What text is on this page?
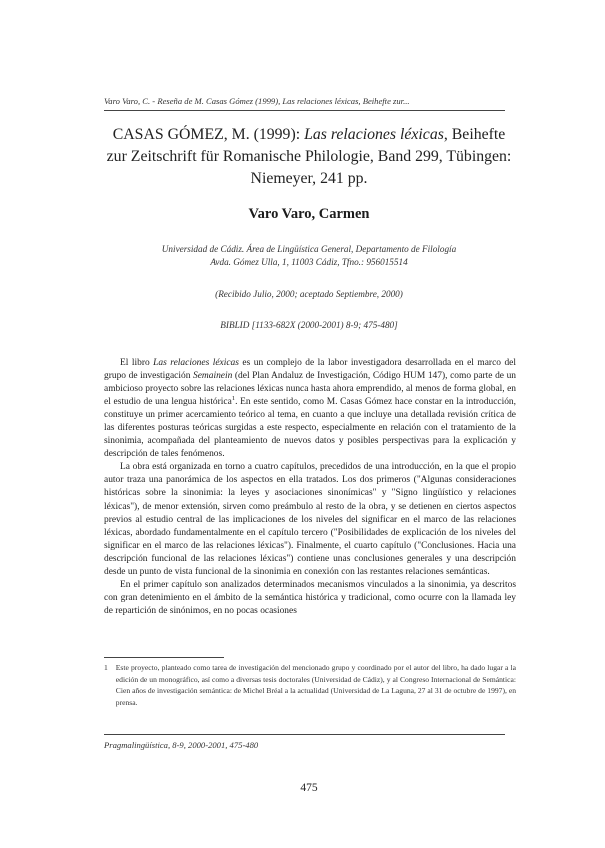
Varo Varo, C. - Reseña de M. Casas Gómez (1999), Las relaciones léxicas, Beihefte zur...
CASAS GÓMEZ, M. (1999): Las relaciones léxicas, Beihefte zur Zeitschrift für Romanische Philologie, Band 299, Tübingen: Niemeyer, 241 pp.
Varo Varo, Carmen
Universidad de Cádiz. Área de Lingüística General, Departamento de Filología
Avda. Gómez Ulla, 1, 11003 Cádiz, Tfno.: 956015514
(Recibido Julio, 2000; aceptado Septiembre, 2000)
BIBLID [1133-682X (2000-2001) 8-9; 475-480]

El libro Las relaciones léxicas es un complejo de la labor investigadora desarrollada en el marco del grupo de investigación Semainein (del Plan Andaluz de Investigación, Código HUM 147), como parte de un ambicioso proyecto sobre las relaciones léxicas nunca hasta ahora emprendido, al menos de forma global, en el estudio de una lengua histórica$^1$. En este sentido, como M. Casas Gómez hace constar en la introducción, constituye un primer acercamiento teórico al tema, en cuanto a que incluye una detallada revisión crítica de las diferentes posturas teóricas surgidas a este respecto, especialmente en relación con el tratamiento de la sinonimia, acompañada del planteamiento de nuevos datos y posibles perspectivas para la explicación y descripción de tales fenómenos.

La obra está organizada en torno a cuatro capítulos, precedidos de una introducción, en la que el propio autor traza una panorámica de los aspectos en ella tratados. Los dos primeros ("Algunas consideraciones históricas sobre la sinonimia: la leyes y asociaciones sinonímicas" y "Signo lingüístico y relaciones léxicas"), de menor extensión, sirven como preámbulo al resto de la obra, y se detienen en ciertos aspectos previos al estudio central de las implicaciones de los niveles del significar en el marco de las relaciones léxicas, abordado fundamentalmente en el capítulo tercero ("Posibilidades de explicación de los niveles del significar en el marco de las relaciones léxicas"). Finalmente, el cuarto capítulo ("Conclusiones. Hacia una descripción funcional de las relaciones léxicas") contiene unas conclusiones generales y una descripción desde un punto de vista funcional de la sinonimia en conexión con las restantes relaciones semánticas.

En el primer capítulo son analizados determinados mecanismos vinculados a la sinonimia, ya descritos con gran detenimiento en el ámbito de la semántica histórica y tradicional, como ocurre con la llamada ley de repartición de sinónimos, en no pocas ocasiones

1 Este proyecto, planteado como tarea de investigación del mencionado grupo y coordinado por el autor del libro, ha dado lugar a la edición de un monográfico, así como a diversas tesis doctorales (Universidad de Cádiz), y al Congreso Internacional de Semántica: Cien años de investigación semántica: de Michel Bréal a la actualidad (Universidad de La Laguna, 27 al 31 de octubre de 1997), en prensa.
Pragmalingüística, 8-9, 2000-2001, 475-480
475
